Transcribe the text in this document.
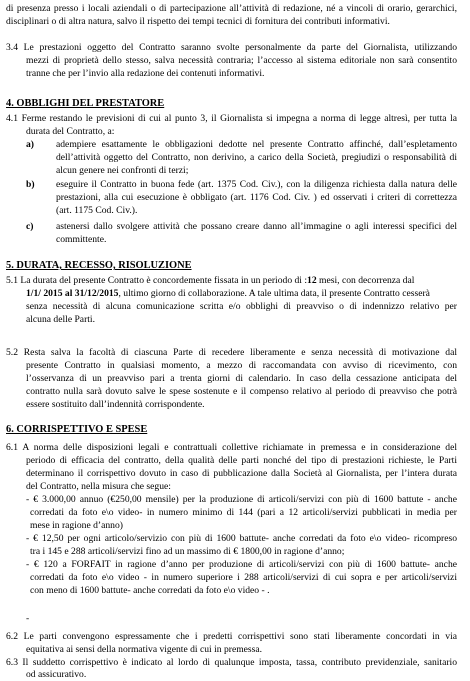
di presenza presso i locali aziendali o di partecipazione all’attività di redazione, né a vincoli di orario, gerarchici,
disciplinari o di altra natura, salvo il rispetto dei tempi tecnici di fornitura dei contributi informativi.
3.4 Le prestazioni oggetto del Contratto saranno svolte personalmente da parte del Giornalista, utilizzando
mezzi di proprietà dello stesso, salva necessità contraria; l’accesso al sistema editoriale non sarà consentito
tranne che per l’invio alla redazione dei contenuti informativi.
4. OBBLIGHI DEL PRESTATORE
4.1 Ferme restando le previsioni di cui al punto 3, il Giornalista si impegna a norma di legge altresì, per tutta la
durata del Contratto, a:
a) adempiere esattamente le obbligazioni dedotte nel presente Contratto affinché, dall’espletamento
dell’attività oggetto del Contratto, non derivino, a carico della Società, pregiudizi o responsabilità di
alcun genere nei confronti di terzi;
b) eseguire il Contratto in buona fede (art. 1375 Cod. Civ.), con la diligenza richiesta dalla natura delle
prestazioni, alla cui esecuzione è obbligato (art. 1176 Cod. Civ. ) ed osservati i criteri di correttezza
(art. 1175 Cod. Civ.).
c) astenersi dallo svolgere attività che possano creare danno all’immagine o agli interessi specifici del
committente.
5. DURATA, RECESSO, RISOLUZIONE
5.1 La durata del presente Contratto è concordemente fissata in un periodo di :12 mesi, con decorrenza dal
1/1/ 2015 al 31/12/2015, ultimo giorno di collaborazione. A tale ultima data, il presente Contratto cesserà
senza necessità di alcuna comunicazione scritta e/o obblighi di preavviso o di indennizzo relativo per
alcuna delle Parti.
5.2 Resta salva la facoltà di ciascuna Parte di recedere liberamente e senza necessità di motivazione dal
presente Contratto in qualsiasi momento, a mezzo di raccomandata con avviso di ricevimento, con
l’osservanza di un preavviso pari a trenta giorni di calendario. In caso della cessazione anticipata del
contratto nulla sarà dovuto salve le spese sostenute e il compenso relativo al periodo di preavviso che potrà
essere sostituito dall’indennità corrispondente.
6. CORRISPETTIVO E SPESE
6.1 A norma delle disposizioni legali e contrattuali collettive richiamate in premessa e in considerazione del
periodo di efficacia del contratto, della qualità delle parti nonché del tipo di prestazioni richieste, le Parti
determinano il corrispettivo dovuto in caso di pubblicazione dalla Società al Giornalista, per l’intera durata
del Contratto, nella misura che segue:
- € 3.000,00 annuo (€250,00 mensile) per la produzione di articoli/servizi con più di 1600 battute - anche
corredati da foto e\o video- in numero minimo di 144 (pari a 12 articoli/servizi pubblicati in media per
mese in ragione d’anno)
- € 12,50 per ogni articolo/servizio con più di 1600 battute- anche corredati da foto e\o video- ricompreso
tra i 145 e 288 articoli/servizi fino ad un massimo di € 1800,00 in ragione d’anno;
- € 120 a FORFAIT in ragione d’anno per produzione di articoli/servizi con più di 1600 battute- anche
corredati da foto e\o video - in numero superiore i 288 articoli/servizi di cui sopra e per articoli/servizi
con meno di 1600 battute- anche corredati da foto e\o video - .
-
6.2 Le parti convengono espressamente che i predetti corrispettivi sono stati liberamente concordati in via
equitativa ai sensi della normativa vigente di cui in premessa.
6.3 Il suddetto corrispettivo è indicato al lordo di qualunque imposta, tassa, contributo previdenziale, sanitario
od assicurativo.
